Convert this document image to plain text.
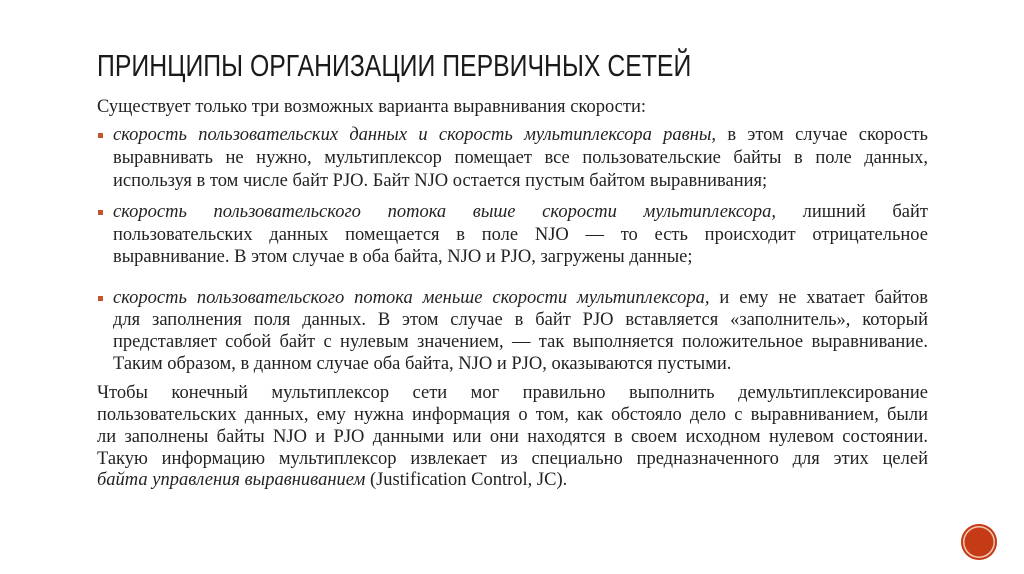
ПРИНЦИПЫ ОРГАНИЗАЦИИ ПЕРВИЧНЫХ СЕТЕЙ
Существует только три возможных варианта выравнивания скорости:
скорость пользовательских данных и скорость мультиплексора равны, в этом случае скорость
выравнивать не нужно, мультиплексор помещает все пользовательские байты в поле данных,
используя в том числе байт PJO. Байт NJO остается пустым байтом выравнивания;
скорость пользовательского потока выше скорости мультиплексора, лишний байт
пользовательских данных помещается в поле NJO — то есть происходит отрицательное
выравнивание. В этом случае в оба байта, NJO и PJO, загружены данные;
скорость пользовательского потока меньше скорости мультиплексора, и ему не хватает байтов
для заполнения поля данных. В этом случае в байт PJO вставляется «заполнитель», который
представляет собой байт с нулевым значением, — так выполняется положительное выравнивание.
Таким образом, в данном случае оба байта, NJO и PJO, оказываются пустыми.
Чтобы конечный мультиплексор сети мог правильно выполнить демультиплексирование
пользовательских данных, ему нужна информация о том, как обстояло дело с выравниванием, были
ли заполнены байты NJO и PJO данными или они находятся в своем исходном нулевом состоянии.
Такую информацию мультиплексор извлекает из специально предназначенного для этих целей
байта управления выравниванием (Justification Control, JC).
